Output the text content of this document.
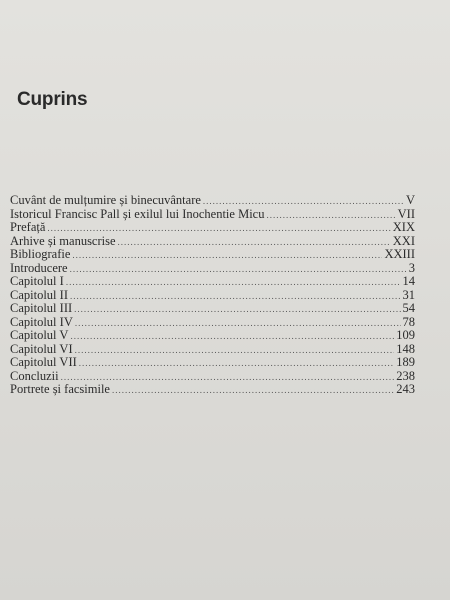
Cuprins
Cuvânt de mulțumire și binecuvântare .....	V
Istoricul Francisc Pall și exilul lui Inochentie Micu .....	VII
Prefață .....	XIX
Arhive și manuscrise .....	XXI
Bibliografie .....	XXIII
Introducere .....	3
Capitolul I .....	14
Capitolul II .....	31
Capitolul III .....	54
Capitolul IV .....	78
Capitolul V .....	109
Capitolul VI .....	148
Capitolul VII .....	189
Concluzii .....	238
Portrete și facsimile .....	243
